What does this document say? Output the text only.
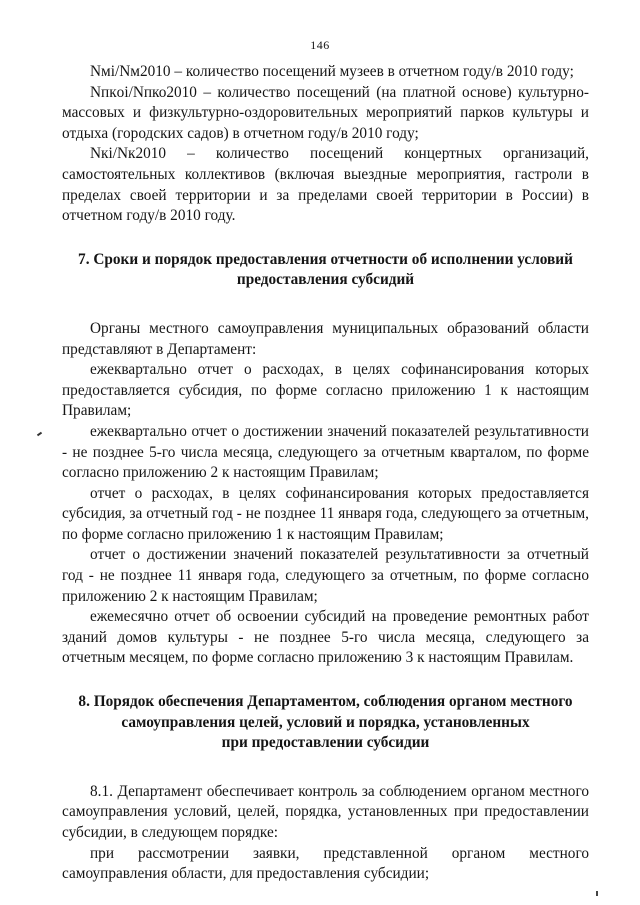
146

Nмi/Nм2010 – количество посещений музеев в отчетном году/в 2010 году;

Nпкoi/Nпко2010 – количество посещений (на платной основе) культурно-массовых и физкультурно-оздоровительных мероприятий парков культуры и отдыха (городских садов) в отчетном году/в 2010 году;

Nкi/Nк2010 – количество посещений концертных организаций, самостоятельных коллективов (включая выездные мероприятия, гастроли в пределах своей территории и за пределами своей территории в России) в отчетном году/в 2010 году.

7. Сроки и порядок предоставления отчетности об исполнении условий
предоставления субсидий

Органы местного самоуправления муниципальных образований области представляют в Департамент:

ежеквартально отчет о расходах, в целях софинансирования которых предоставляется субсидия, по форме согласно приложению 1 к настоящим Правилам;

ежеквартально отчет о достижении значений показателей результативности - не позднее 5-го числа месяца, следующего за отчетным кварталом, по форме согласно приложению 2 к настоящим Правилам;

отчет о расходах, в целях софинансирования которых предоставляется субсидия, за отчетный год - не позднее 11 января года, следующего за отчетным, по форме согласно приложению 1 к настоящим Правилам;

отчет о достижении значений показателей результативности за отчетный год - не позднее 11 января года, следующего за отчетным, по форме согласно приложению 2 к настоящим Правилам;

ежемесячно отчет об освоении субсидий на проведение ремонтных работ зданий домов культуры - не позднее 5-го числа месяца, следующего за отчетным месяцем, по форме согласно приложению 3 к настоящим Правилам.

8. Порядок обеспечения Департаментом, соблюдения органом местного
самоуправления целей, условий и порядка, установленных
при предоставлении субсидии

8.1. Департамент обеспечивает контроль за соблюдением органом местного самоуправления условий, целей, порядка, установленных при предоставлении субсидии, в следующем порядке:

при рассмотрении заявки, представленной органом местного самоуправления области, для предоставления субсидии;
